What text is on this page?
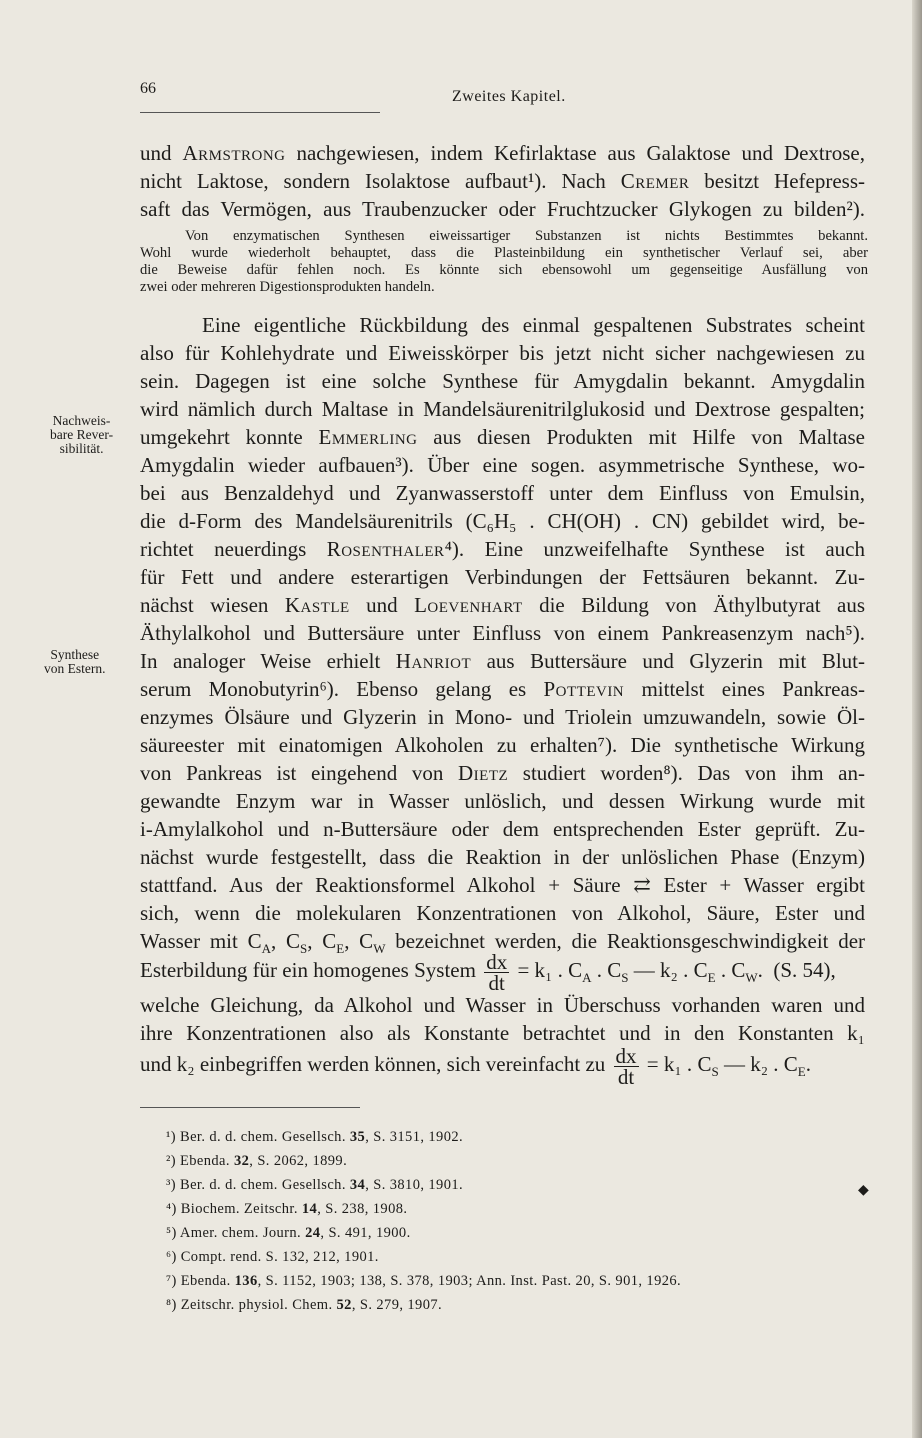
66	Zweites Kapitel.
und Armstrong nachgewiesen, indem Kefirlaktase aus Galaktose und Dextrose,
nicht Laktose, sondern Isolaktose aufbaut¹). Nach Cremer besitzt Hefepress-
saft das Vermögen, aus Traubenzucker oder Fruchtzucker Glykogen zu bilden²).
Von enzymatischen Synthesen eiweissartiger Substanzen ist nichts Bestimmtes bekannt.
Wohl wurde wiederholt behauptet, dass die Plasteinbildung ein synthetischer Verlauf sei, aber
die Beweise dafür fehlen noch. Es könnte sich ebensowohl um gegenseitige Ausfällung von
zwei oder mehreren Digestionsprodukten handeln.
Eine eigentliche Rückbildung des einmal gespaltenen Substrates scheint
also für Kohlehydrate und Eiweisskörper bis jetzt nicht sicher nachgewiesen zu
sein. Dagegen ist eine solche Synthese für Amygdalin bekannt. Amygdalin
wird nämlich durch Maltase in Mandelsäurenitrilglukosid und Dextrose gespalten;
umgekehrt konnte Emmerling aus diesen Produkten mit Hilfe von Maltase
Amygdalin wieder aufbauen³). Über eine sogen. asymmetrische Synthese, wo-
bei aus Benzaldehyd und Zyanwasserstoff unter dem Einfluss von Emulsin,
die d-Form des Mandelsäurenitrils (C₆H₅ . CH(OH) . CN) gebildet wird, be-
richtet neuerdings Rosenthaler⁴). Eine unzweifelhafte Synthese ist auch
für Fett und andere esterartigen Verbindungen der Fettsäuren bekannt. Zu-
nächst wiesen Kastle und Loevenhart die Bildung von Äthylbutyrat aus
Äthylalkohol und Buttersäure unter Einfluss von einem Pankreasenzym nach⁵).
In analoger Weise erhielt Hanriot aus Buttersäure und Glyzerin mit Blut-
serum Monobutyrin⁶). Ebenso gelang es Pottevin mittelst eines Pankreas-
enzymes Ölsäure und Glyzerin in Mono- und Triolein umzuwandeln, sowie Öl-
säureester mit einatomigen Alkoholen zu erhalten⁷). Die synthetische Wirkung
von Pankreas ist eingehend von Dietz studiert worden⁸). Das von ihm an-
gewandte Enzym war in Wasser unlöslich, und dessen Wirkung wurde mit
i-Amylalkohol und n-Buttersäure oder dem entsprechenden Ester geprüft. Zu-
nächst wurde festgestellt, dass die Reaktion in der unlöslichen Phase (Enzym)
stattfand. Aus der Reaktionsformel Alkohol + Säure ⇄ Ester + Wasser ergibt
sich, wenn die molekularen Konzentrationen von Alkohol, Säure, Ester und
Wasser mit $C_A$, $C_S$, $C_E$, $C_W$ bezeichnet werden, die Reaktionsgeschwindigkeit der
Esterbildung für ein homogenes System $\frac{dx}{dt} = k_1$ . $C_A$ . $C_S$ — k₂ . $C_E$ . $C_W$. (S. 54),
welche Gleichung, da Alkohol und Wasser in Überschuss vorhanden waren und
ihre Konzentrationen also als Konstante betrachtet und in den Konstanten k₁
und k₂ einbegriffen werden können, sich vereinfacht zu $\frac{dx}{dt} = k_1$ . $C_S$ — k₂ . $C_E$.
Nachweis-
bare Rever-
sibilität.
Synthese
von Estern.
¹) Ber. d. d. chem. Gesellsch. 35, S. 3151, 1902.
²) Ebenda. 32, S. 2062, 1899.
³) Ber. d. d. chem. Gesellsch. 34, S. 3810, 1901.
⁴) Biochem. Zeitschr. 14, S. 238, 1908.
⁵) Amer. chem. Journ. 24, S. 491, 1900.
⁶) Compt. rend. S. 132, 212, 1901.
⁷) Ebenda. 136, S. 1152, 1903; 138, S. 378, 1903; Ann. Inst. Past. 20, S. 901, 1926.
⁸) Zeitschr. physiol. Chem. 52, S. 279, 1907.
◆
